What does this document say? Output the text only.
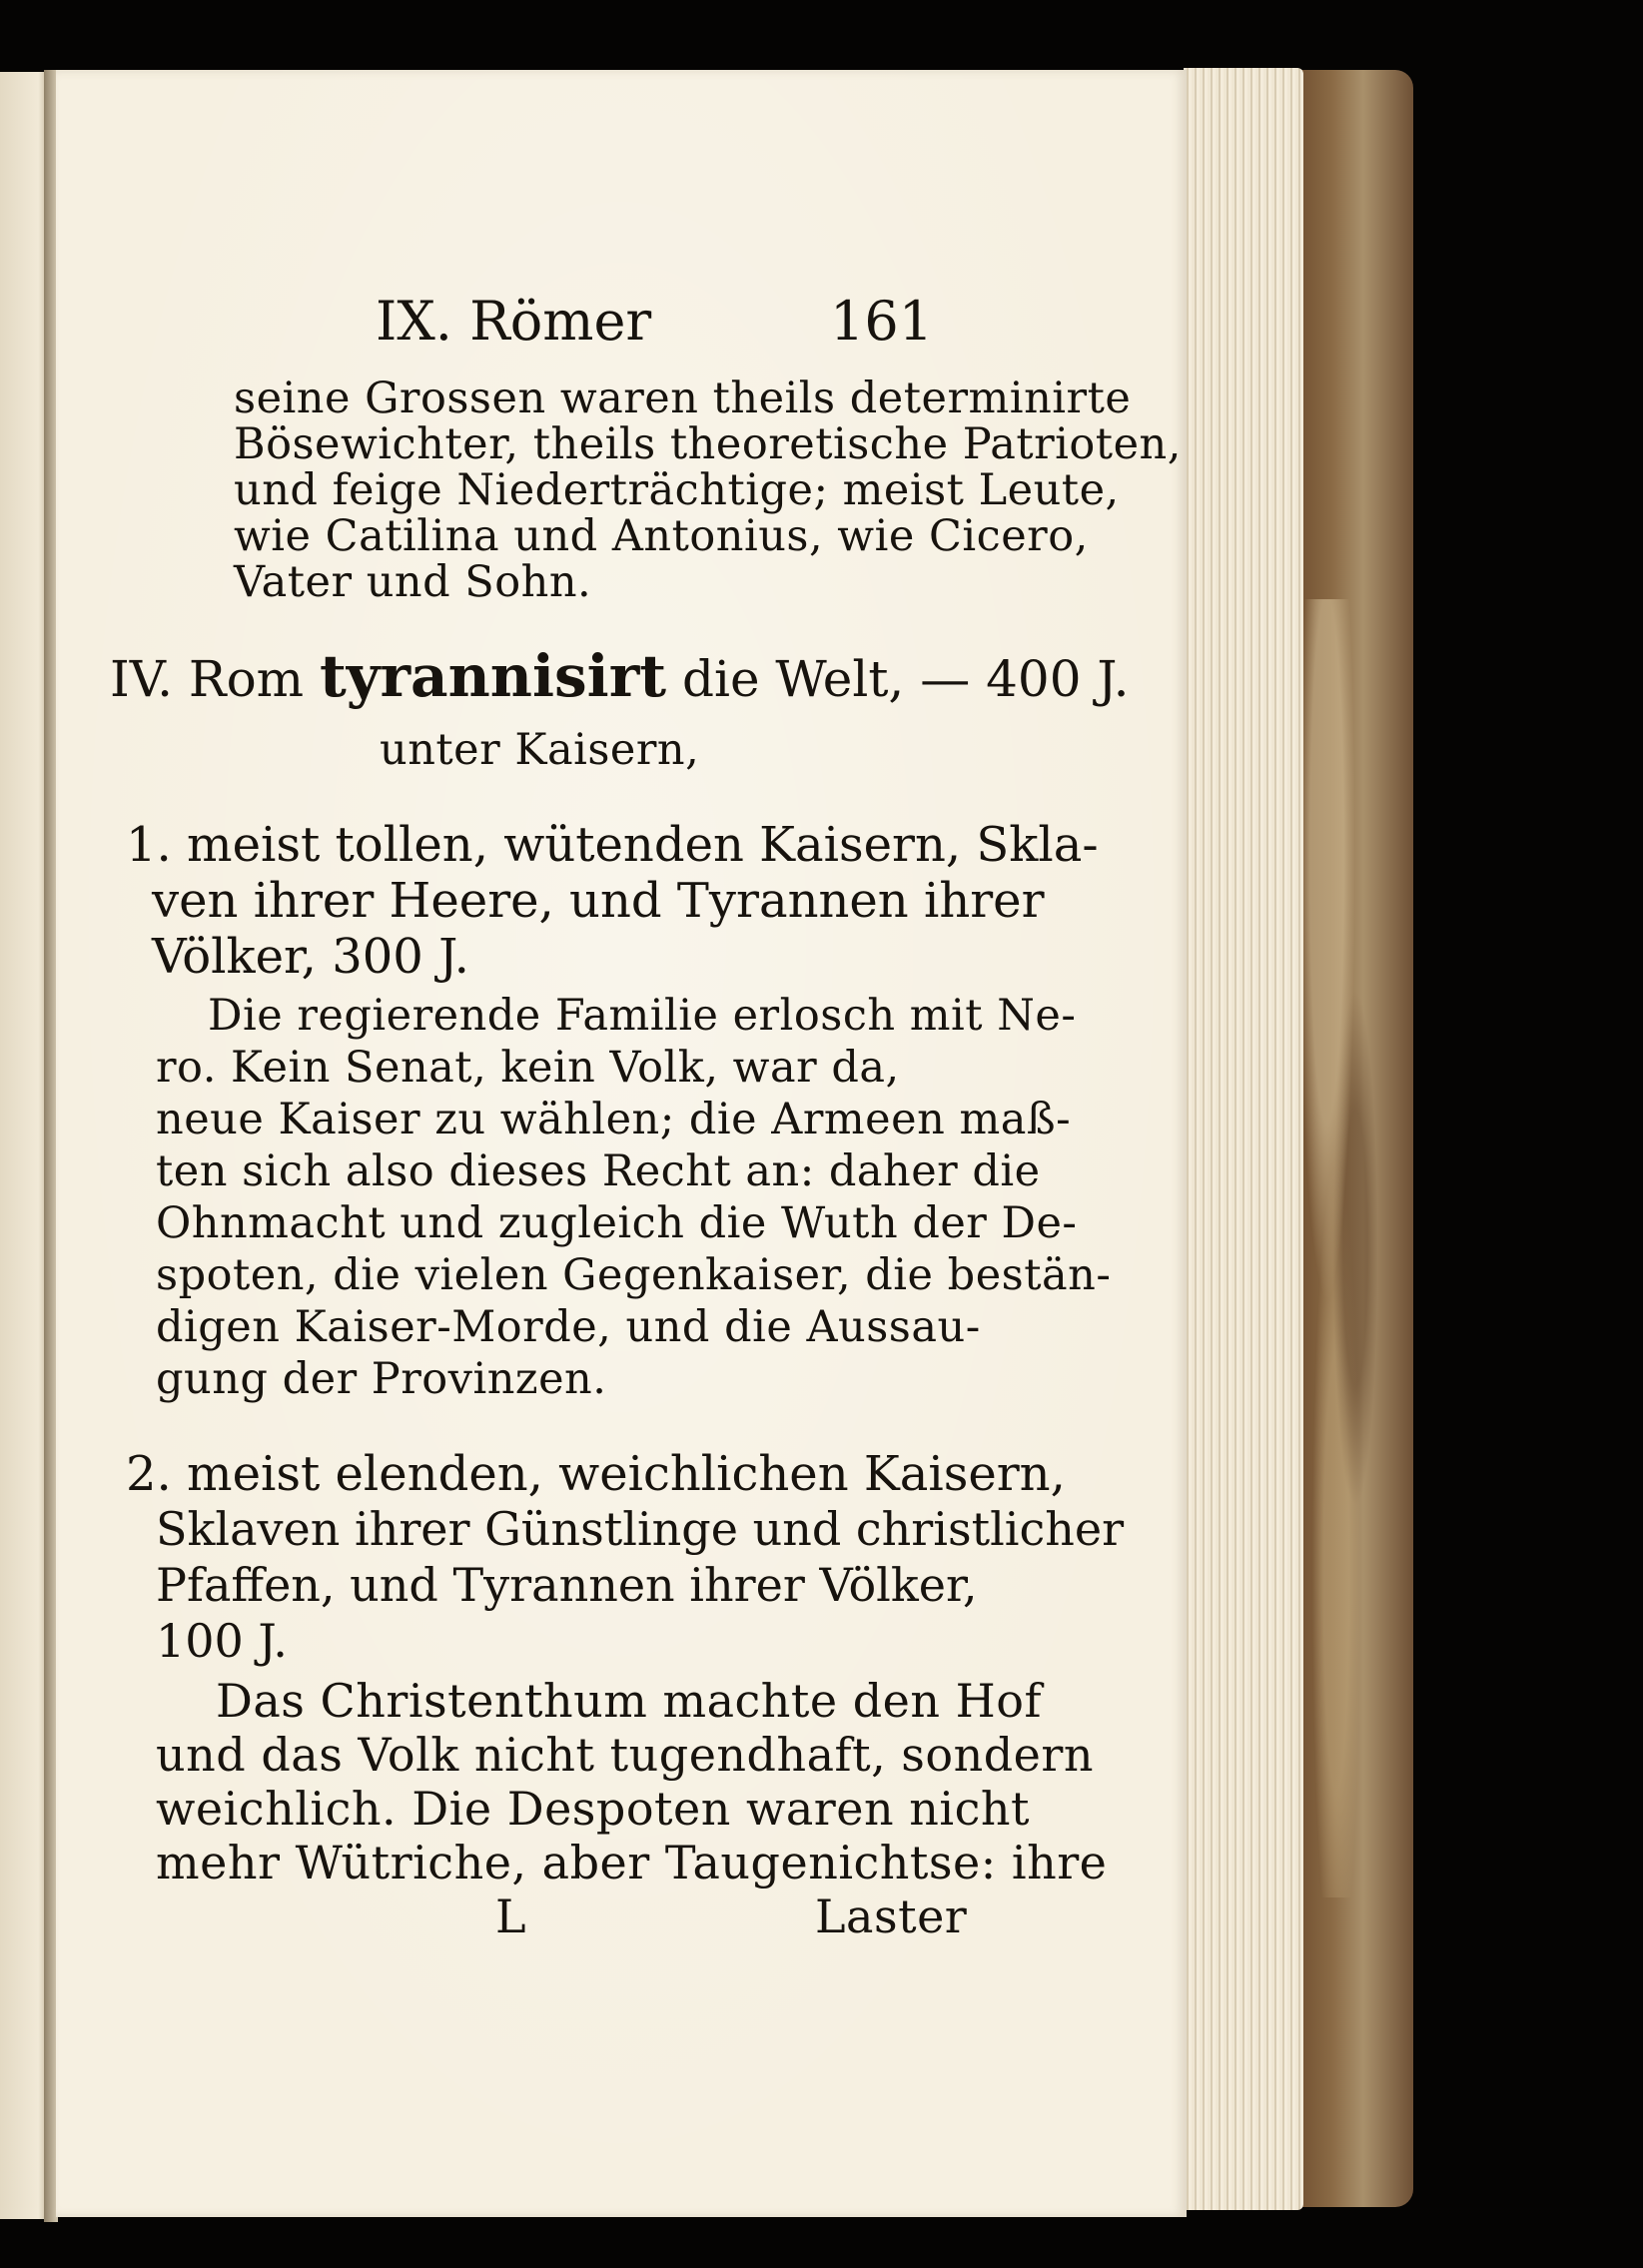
IX. Römer	161
seine Grossen waren theils determinirte
Bösewichter, theils theoretische Patrioten,
und feige Niederträchtige; meist Leute,
wie Catilina und Antonius, wie Cicero,
Vater und Sohn.
IV. Rom tyrannisirt die Welt, — 400 J.
unter Kaisern,
1. meist tollen, wütenden Kaisern, Skla-
ven ihrer Heere, und Tyrannen ihrer
Völker, 300 J.
Die regierende Familie erlosch mit Ne-
ro. Kein Senat, kein Volk, war da,
neue Kaiser zu wählen; die Armeen maß-
ten sich also dieses Recht an: daher die
Ohnmacht und zugleich die Wuth der De-
spoten, die vielen Gegenkaiser, die bestän-
digen Kaiser-Morde, und die Aussau-
gung der Provinzen.
2. meist elenden, weichlichen Kaisern,
Sklaven ihrer Günstlinge und christlicher
Pfaffen, und Tyrannen ihrer Völker,
100 J.
Das Christenthum machte den Hof
und das Volk nicht tugendhaft, sondern
weichlich. Die Despoten waren nicht
mehr Wütriche, aber Taugenichtse: ihre
L	Laster
